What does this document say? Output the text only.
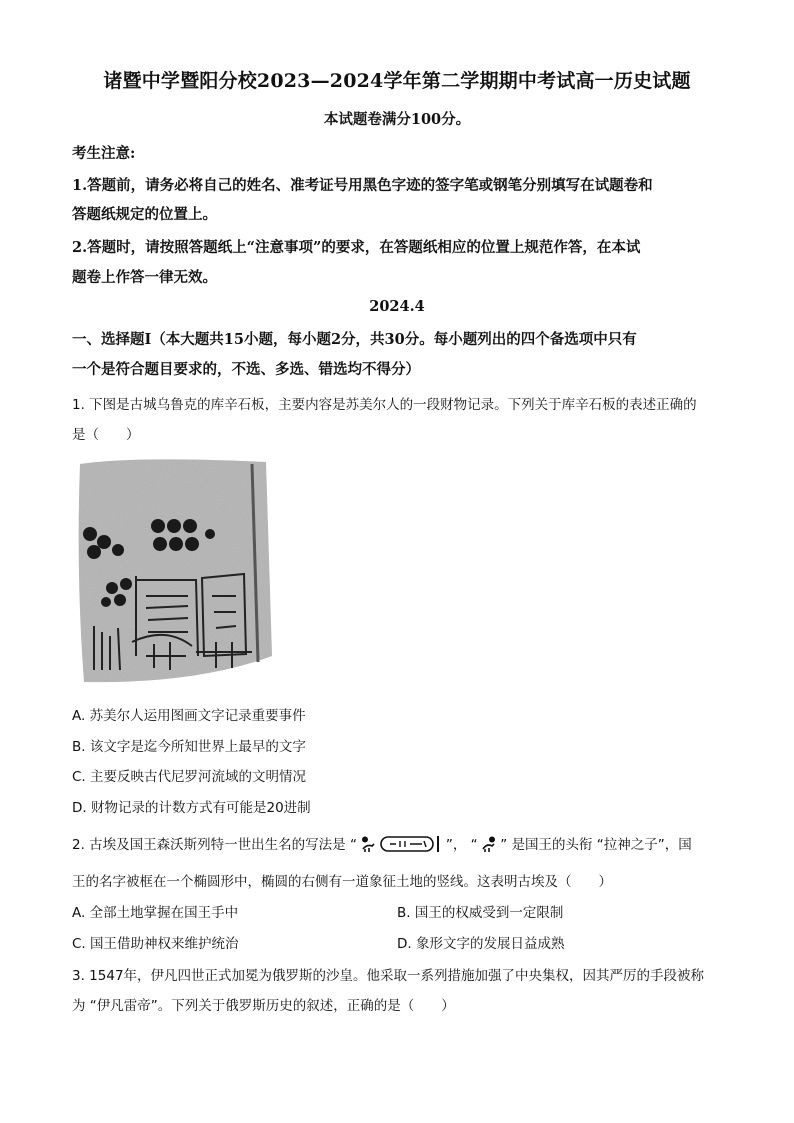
诸暨中学暨阳分校2023—2024学年第二学期期中考试高一历史试题
本试题卷满分100分。
考生注意:
1.答题前，请务必将自己的姓名、准考证号用黑色字迹的签字笔或钢笔分别填写在试题卷和
答题纸规定的位置上。
2.答题时，请按照答题纸上“注意事项”的要求，在答题纸相应的位置上规范作答，在本试
题卷上作答一律无效。
2024.4
一、选择题Ⅰ（本大题共15小题，每小题2分，共30分。每小题列出的四个备选项中只有
一个是符合题目要求的，不选、多选、错选均不得分）
1. 下图是古城乌鲁克的库辛石板，主要内容是苏美尔人的一段财物记录。下列关于库辛石板的表述正确的
是（　　）
A. 苏美尔人运用图画文字记录重要事件
B. 该文字是迄今所知世界上最早的文字
C. 主要反映古代尼罗河流域的文明情况
D. 财物记录的计数方式有可能是20进制
2. 古埃及国王森沃斯列特一世出生名的写法是 “	”， “ ” 是国王的头衔 “拉神之子”，国
王的名字被框在一个椭圆形中，椭圆的右侧有一道象征土地的竖线。这表明古埃及（　　）
A. 全部土地掌握在国王手中	B. 国王的权威受到一定限制
C. 国王借助神权来维护统治	D. 象形文字的发展日益成熟
3. 1547年，伊凡四世正式加冕为俄罗斯的沙皇。他采取一系列措施加强了中央集权，因其严厉的手段被称
为 “伊凡雷帝”。下列关于俄罗斯历史的叙述，正确的是（　　）
